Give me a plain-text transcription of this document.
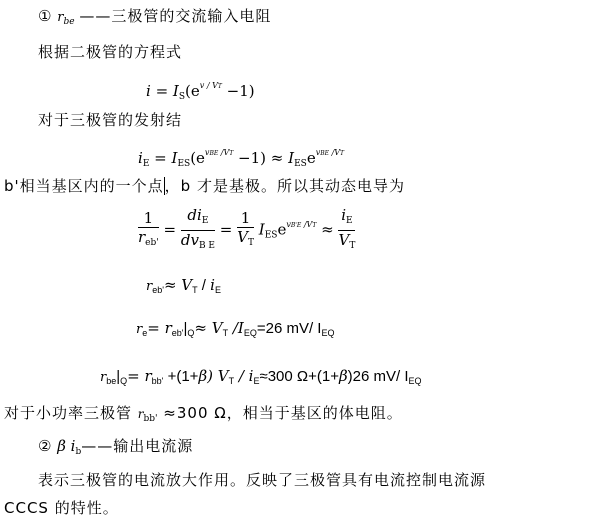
① $r_{be}$ ——三极管的交流输入电阻
根据二极管的方程式
$i = I_S(e^{v / VT} -1)$
对于三极管的发射结
$i_E = I_{ES}(e^{vBE /VT} -1) \approx I_{ES}e^{vBE /VT}$
b'相当基区内的一个点，b 才是基极。所以其动态电导为
$\frac{1}{r_{eb'}} = \frac{di_E}{dv_{B E}} = \frac{1}{V_T} I_{ES}e^{vB'E /VT} \approx \frac{i_E}{V_T}$
$r_{eb'}\approx V_T / i_E$
$r_e= r_{eb'}|_Q\approx V_T$ $/I_{EQ}=26$ mV/ $I_{EQ}$
$r_{be}|_Q= r_{bb'} +(1+\beta)$ $V_T / i_E\approx 300$ Ω+(1+β)26 mV/ $I_{EQ}$
对于小功率三极管 $r_{bb'} \approx 300$ Ω，相当于基区的体电阻。
② β $i_b——$输出电流源
表示三极管的电流放大作用。反映了三极管具有电流控制电流源
CCCS 的特性。
